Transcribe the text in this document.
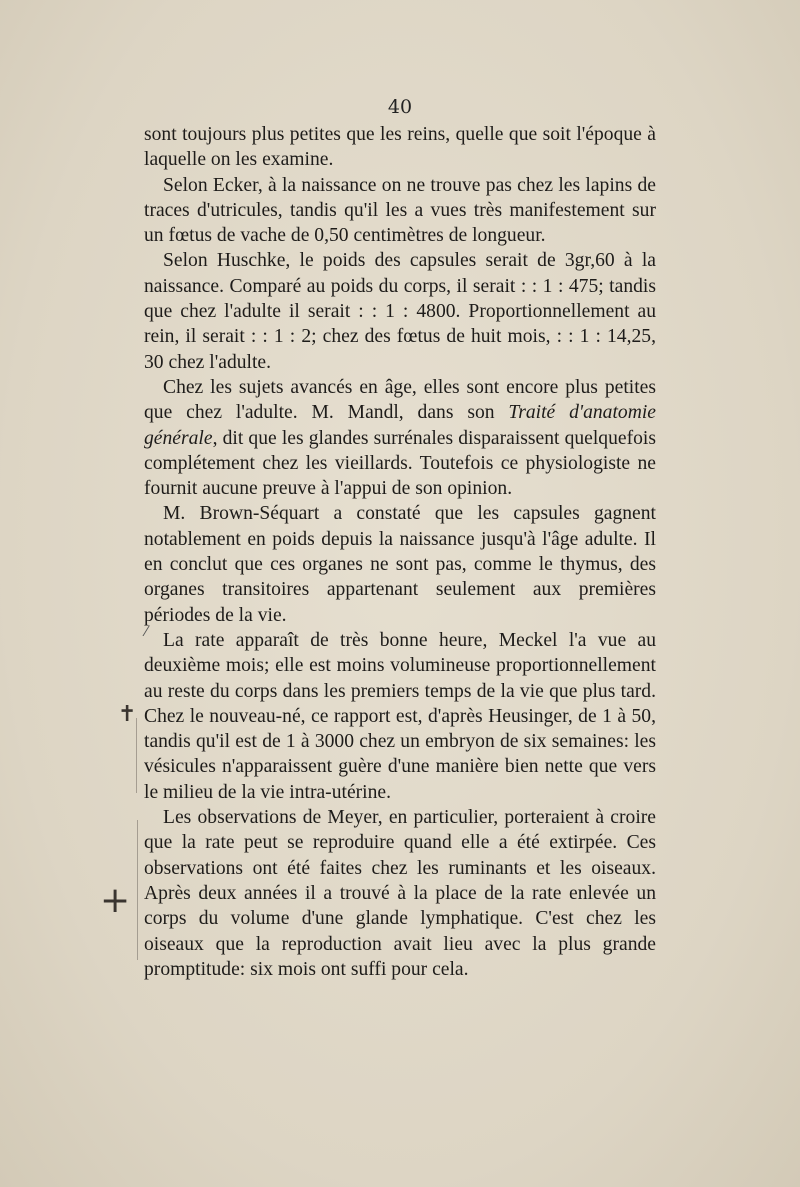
40

sont toujours plus petites que les reins, quelle que soit l'époque à laquelle on les examine.

Selon Ecker, à la naissance on ne trouve pas chez les lapins de traces d'utricules, tandis qu'il les a vues très manifestement sur un fœtus de vache de 0,50 centimètres de longueur.

Selon Huschke, le poids des capsules serait de 3gr,60 à la naissance. Comparé au poids du corps, il serait : : 1 : 475; tandis que chez l'adulte il serait : : 1 : 4800. Proportionnellement au rein, il serait : : 1 : 2; chez des fœtus de huit mois, : : 1 : 14,25, 30 chez l'adulte.

Chez les sujets avancés en âge, elles sont encore plus petites que chez l'adulte. M. Mandl, dans son Traité d'anatomie générale, dit que les glandes surrénales disparaissent quelquefois complétement chez les vieillards. Toutefois ce physiologiste ne fournit aucune preuve à l'appui de son opinion.

M. Brown-Séquart a constaté que les capsules gagnent notablement en poids depuis la naissance jusqu'à l'âge adulte. Il en conclut que ces organes ne sont pas, comme le thymus, des organes transitoires appartenant seulement aux premières périodes de la vie.

La rate apparaît de très bonne heure, Meckel l'a vue au deuxième mois; elle est moins volumineuse proportionnellement au reste du corps dans les premiers temps de la vie que plus tard. Chez le nouveau-né, ce rapport est, d'après Heusinger, de 1 à 50, tandis qu'il est de 1 à 3000 chez un embryon de six semaines: les vésicules n'apparaissent guère d'une manière bien nette que vers le milieu de la vie intra-utérine.

Les observations de Meyer, en particulier, porteraient à croire que la rate peut se reproduire quand elle a été extirpée. Ces observations ont été faites chez les ruminants et les oiseaux. Après deux années il a trouvé à la place de la rate enlevée un corps du volume d'une glande lymphatique. C'est chez les oiseaux que la reproduction avait lieu avec la plus grande promptitude: six mois ont suffi pour cela.

⁄
✝
+
